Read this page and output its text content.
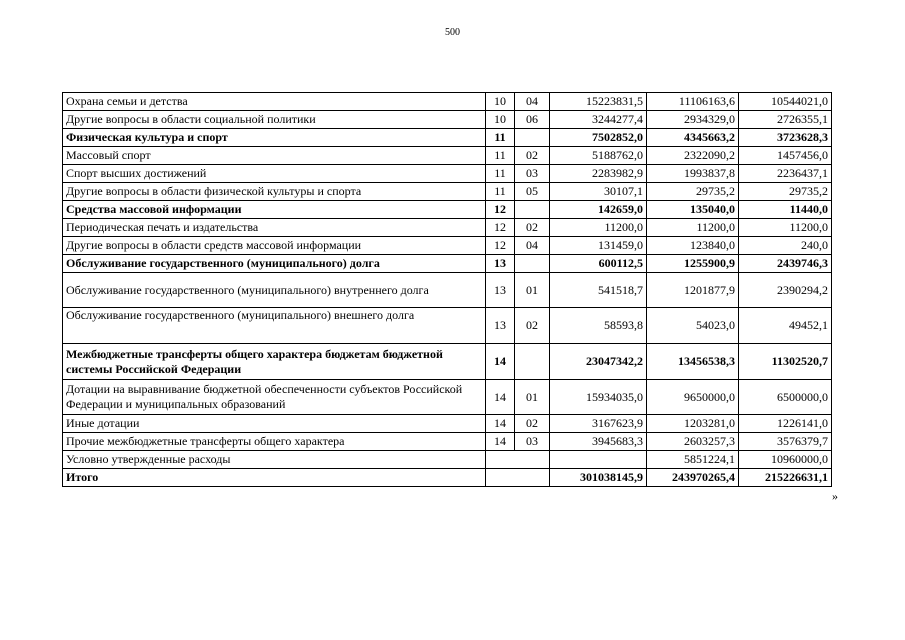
500
Охрана семьи и детства	10	04	15223831,5	11106163,6	10544021,0
Другие вопросы в области социальной политики	10	06	3244277,4	2934329,0	2726355,1
Физическая культура и спорт	11		7502852,0	4345663,2	3723628,3
Массовый спорт	11	02	5188762,0	2322090,2	1457456,0
Спорт высших достижений	11	03	2283982,9	1993837,8	2236437,1
Другие вопросы в области физической культуры и спорта	11	05	30107,1	29735,2	29735,2
Средства массовой информации	12		142659,0	135040,0	11440,0
Периодическая печать и издательства	12	02	11200,0	11200,0	11200,0
Другие вопросы в области средств массовой информации	12	04	131459,0	123840,0	240,0
Обслуживание государственного (муниципального) долга	13		600112,5	1255900,9	2439746,3
Обслуживание государственного (муниципального) внутреннего долга	13	01	541518,7	1201877,9	2390294,2
Обслуживание государственного (муниципального) внешнего долга	13	02	58593,8	54023,0	49452,1
Межбюджетные трансферты общего характера бюджетам бюджетной системы Российской Федерации	14		23047342,2	13456538,3	11302520,7
Дотации на выравнивание бюджетной обеспеченности субъектов Российской Федерации и муниципальных образований	14	01	15934035,0	9650000,0	6500000,0
Иные дотации	14	02	3167623,9	1203281,0	1226141,0
Прочие межбюджетные трансферты общего характера	14	03	3945683,3	2603257,3	3576379,7
Условно утвержденные расходы				5851224,1	10960000,0
Итого			301038145,9	243970265,4	215226631,1
»
